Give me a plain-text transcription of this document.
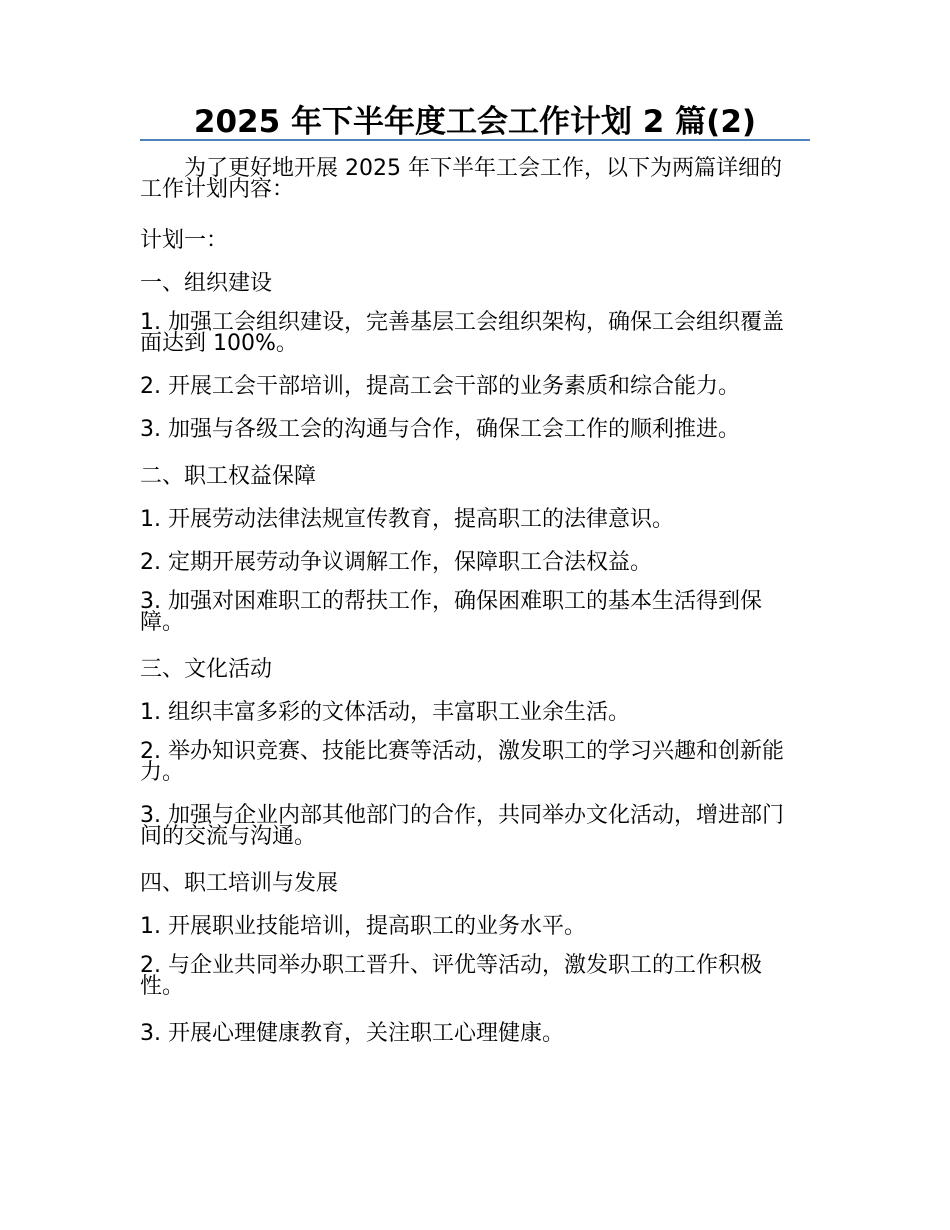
2025 年下半年度工会工作计划 2 篇(2)

为了更好地开展 2025 年下半年工会工作，以下为两篇详细的工作计划内容：

计划一：

一、组织建设

1. 加强工会组织建设，完善基层工会组织架构，确保工会组织覆盖面达到 100%。

2. 开展工会干部培训，提高工会干部的业务素质和综合能力。

3. 加强与各级工会的沟通与合作，确保工会工作的顺利推进。

二、职工权益保障

1. 开展劳动法律法规宣传教育，提高职工的法律意识。

2. 定期开展劳动争议调解工作，保障职工合法权益。

3. 加强对困难职工的帮扶工作，确保困难职工的基本生活得到保障。

三、文化活动

1. 组织丰富多彩的文体活动，丰富职工业余生活。

2. 举办知识竞赛、技能比赛等活动，激发职工的学习兴趣和创新能力。

3. 加强与企业内部其他部门的合作，共同举办文化活动，增进部门间的交流与沟通。

四、职工培训与发展

1. 开展职业技能培训，提高职工的业务水平。

2. 与企业共同举办职工晋升、评优等活动，激发职工的工作积极性。

3. 开展心理健康教育，关注职工心理健康。
